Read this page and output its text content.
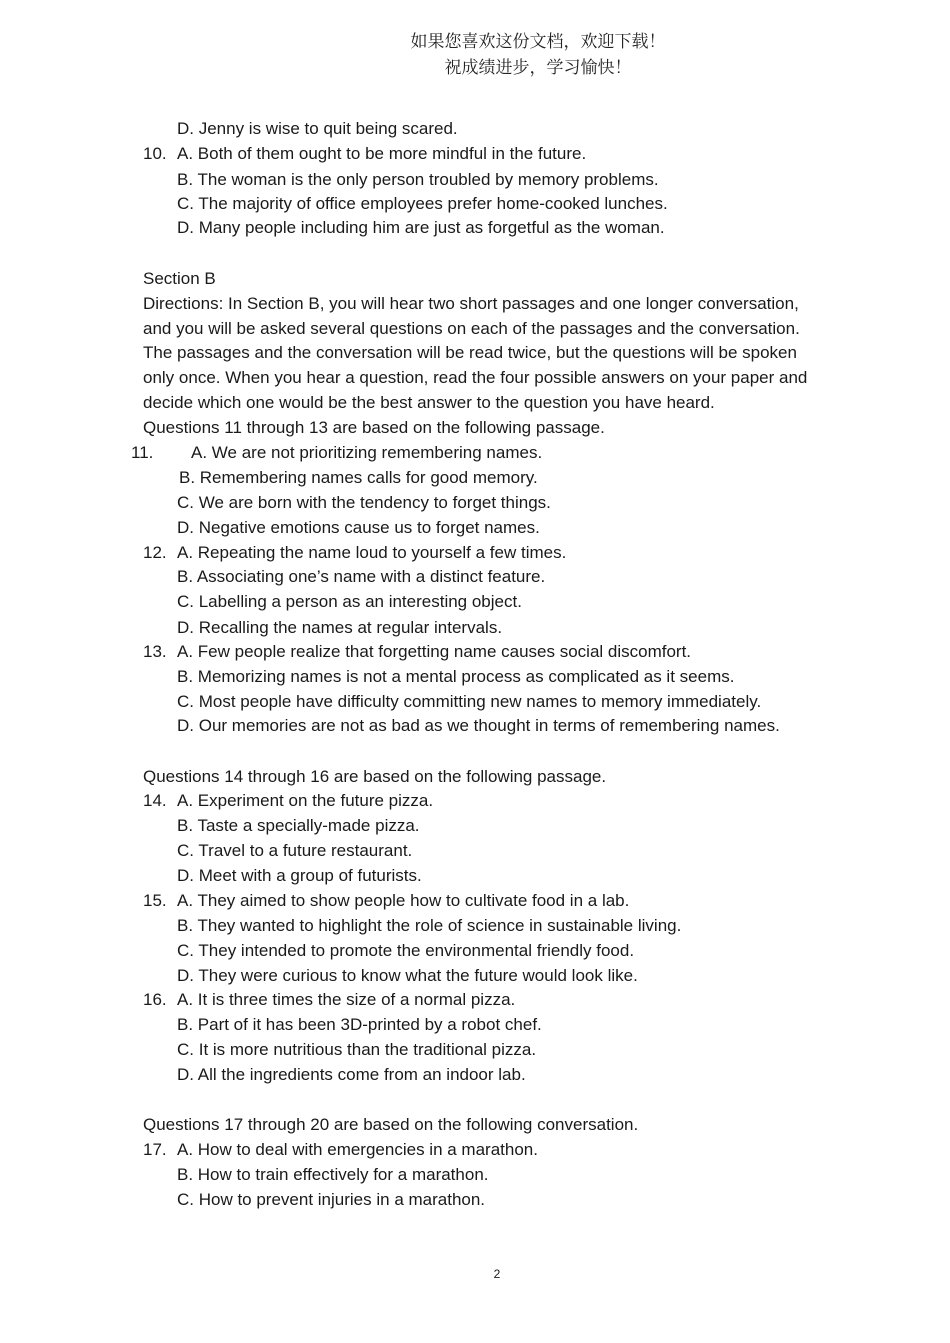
如果您喜欢这份文档，欢迎下载！
祝成绩进步，学习愉快！
D. Jenny is wise to quit being scared.
10. A. Both of them ought to be more mindful in the future.
B. The woman is the only person troubled by memory problems.
C. The majority of office employees prefer home-cooked lunches.
D. Many people including him are just as forgetful as the woman.
Section B
Directions: In Section B, you will hear two short passages and one longer conversation,
and you will be asked several questions on each of the passages and the conversation.
The passages and the conversation will be read twice, but the questions will be spoken
only once. When you hear a question, read the four possible answers on your paper and
decide which one would be the best answer to the question you have heard.
Questions 11 through 13 are based on the following passage.
11. A. We are not prioritizing remembering names.
B. Remembering names calls for good memory.
C. We are born with the tendency to forget things.
D. Negative emotions cause us to forget names.
12. A. Repeating the name loud to yourself a few times.
B. Associating one’s name with a distinct feature.
C. Labelling a person as an interesting object.
D. Recalling the names at regular intervals.
13. A. Few people realize that forgetting name causes social discomfort.
B. Memorizing names is not a mental process as complicated as it seems.
C. Most people have difficulty committing new names to memory immediately.
D. Our memories are not as bad as we thought in terms of remembering names.
Questions 14 through 16 are based on the following passage.
14. A. Experiment on the future pizza.
B. Taste a specially-made pizza.
C. Travel to a future restaurant.
D. Meet with a group of futurists.
15. A. They aimed to show people how to cultivate food in a lab.
B. They wanted to highlight the role of science in sustainable living.
C. They intended to promote the environmental friendly food.
D. They were curious to know what the future would look like.
16. A. It is three times the size of a normal pizza.
B. Part of it has been 3D-printed by a robot chef.
C. It is more nutritious than the traditional pizza.
D. All the ingredients come from an indoor lab.
Questions 17 through 20 are based on the following conversation.
17. A. How to deal with emergencies in a marathon.
B. How to train effectively for a marathon.
C. How to prevent injuries in a marathon.
2
